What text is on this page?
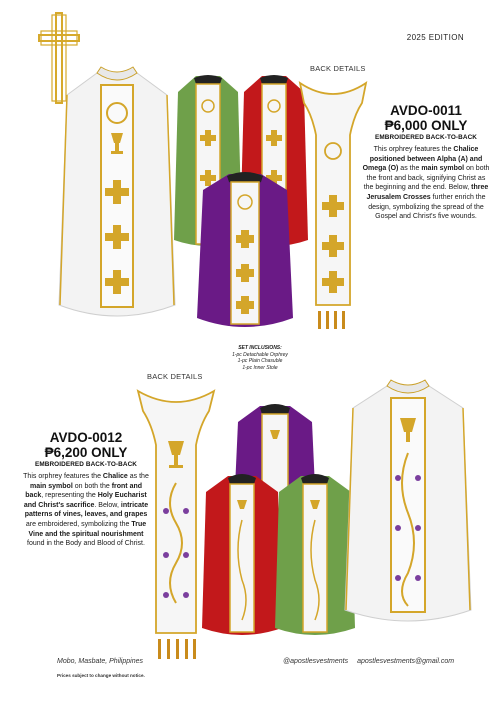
2025 EDITION
BACK DETAILS
AVDO-0011
₱6,000 ONLY
EMBROIDERED BACK-TO-BACK
This orphrey features the Chalice positioned between Alpha (A) and Omega (O) as the main symbol on both the front and back, signifying Christ as the beginning and the end. Below, three Jerusalem Crosses further enrich the design, symbolizing the spread of the Gospel and Christ's five wounds.
SET INCLUSIONS:
1-pc Detachable Orphrey
1-pc Plain Chasuble
1-pc Inner Stole
BACK DETAILS
AVDO-0012
₱6,200 ONLY
EMBROIDERED BACK-TO-BACK
This orphrey features the Chalice as the main symbol on both the front and back, representing the Holy Eucharist and Christ's sacrifice. Below, intricate patterns of vines, leaves, and grapes are embroidered, symbolizing the True Vine and the spiritual nourishment found in the Body and Blood of Christ.
Mobo, Masbate, Philippines	@apostlesvestments apostlesvestments@gmail.com
Prices subject to change without notice.
